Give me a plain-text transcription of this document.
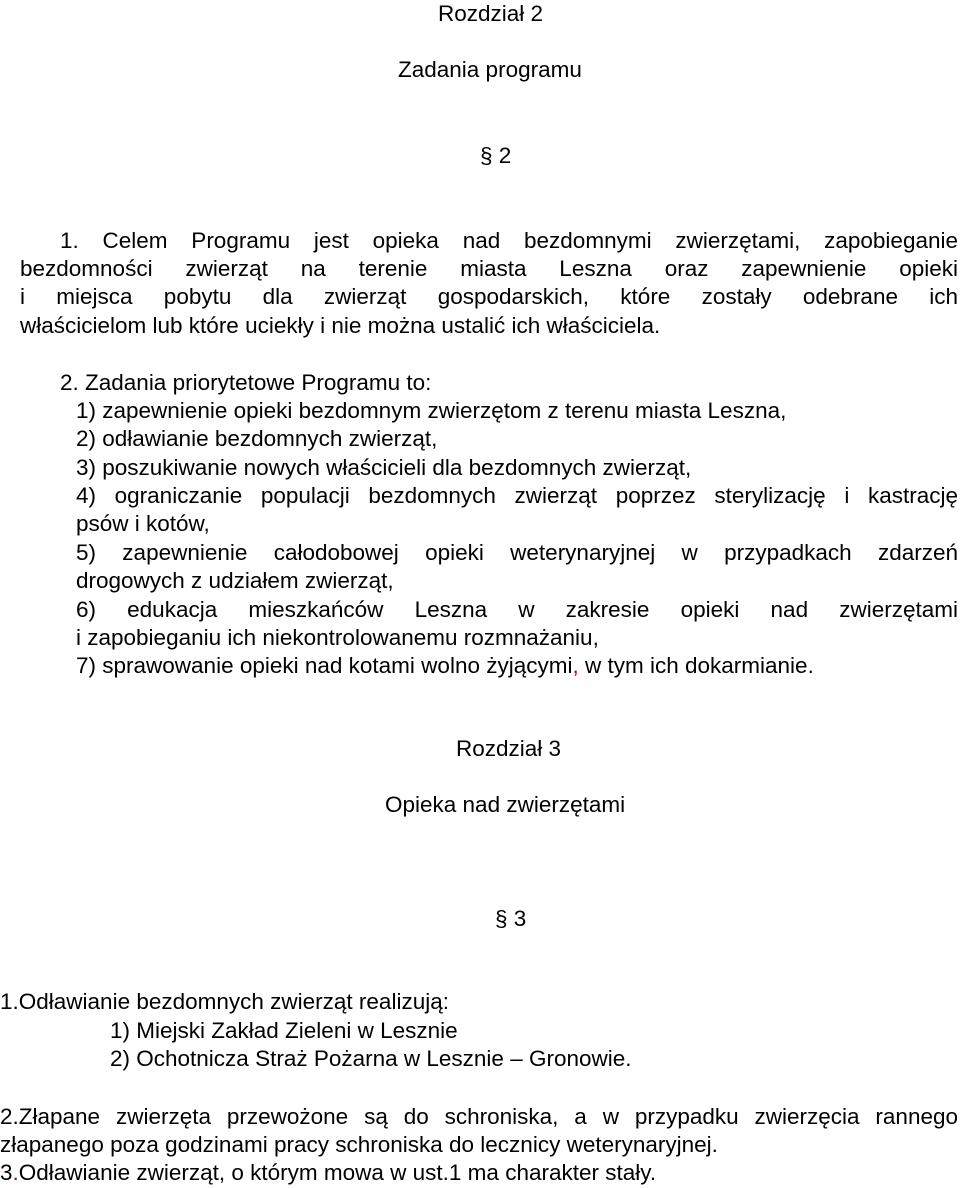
Rozdział 2
Zadania programu
§ 2
1. Celem Programu jest opieka nad bezdomnymi zwierzętami, zapobieganie
bezdomności zwierząt na terenie miasta Leszna oraz zapewnienie opieki
i miejsca pobytu dla zwierząt gospodarskich, które zostały odebrane ich
właścicielom lub które uciekły i nie można ustalić ich właściciela.
2. Zadania priorytetowe Programu to:
1) zapewnienie opieki bezdomnym zwierzętom z terenu miasta Leszna,
2) odławianie bezdomnych zwierząt,
3) poszukiwanie nowych właścicieli dla bezdomnych zwierząt,
4) ograniczanie populacji bezdomnych zwierząt poprzez sterylizację i kastrację
psów i kotów,
5) zapewnienie całodobowej opieki weterynaryjnej w przypadkach zdarzeń
drogowych z udziałem zwierząt,
6) edukacja mieszkańców Leszna w zakresie opieki nad zwierzętami
i zapobieganiu ich niekontrolowanemu rozmnażaniu,
7) sprawowanie opieki nad kotami wolno żyjącymi, w tym ich dokarmianie.
Rozdział 3
Opieka nad zwierzętami
§ 3
1.Odławianie bezdomnych zwierząt realizują:
1) Miejski Zakład Zieleni w Lesznie
2) Ochotnicza Straż Pożarna w Lesznie – Gronowie.
2.Złapane zwierzęta przewożone są do schroniska, a w przypadku zwierzęcia rannego
złapanego poza godzinami pracy schroniska do lecznicy weterynaryjnej.
3.Odławianie zwierząt, o którym mowa w ust.1 ma charakter stały.
